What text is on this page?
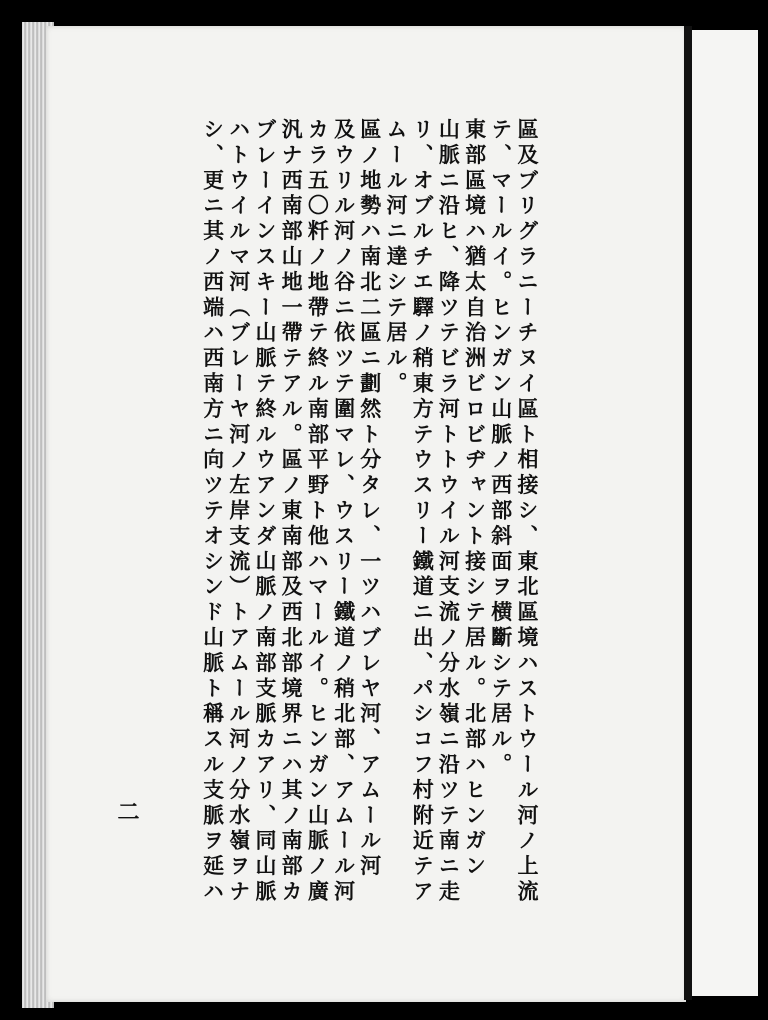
區及ブリグラニーチヌイ區ト相接シ、東北區境ハストウール河ノ上流
テ、マールイ。ヒンガン山脈ノ西部斜面ヲ横斷シテ居ル。
東部區境ハ猶太自治洲ビロビヂャント接シテ居ル。北部ハヒンガン
山脈ニ沿ヒ、降ツテビラ河トトウイル河支流ノ分水嶺ニ沿ツテ南ニ走
リ、オブルチエ驛ノ稍東方テウスリー鐵道ニ出、パシコフ村附近テア
ムール河ニ達シテ居ル。
區ノ地勢ハ南北二區ニ劃然ト分タレ、一ツハブレヤ河、アムール河
及ウリル河ノ谷ニ依ツテ圍マレ、ウスリー鐵道ノ稍北部、アムール河
カラ五〇粁ノ地帶テ終ル南部平野ト他ハマールイ。ヒンガン山脈ノ廣
汎ナ西南部山地一帶テアル。區ノ東南部及西北部境界ニハ其ノ南部カ
ブレーインスキー山脈テ終ルウアンダ山脈ノ南部支脈カアリ、同山脈
ハトウイルマ河（ブレーヤ河ノ左岸支流）トアムール河ノ分水嶺ヲナ
シ、更ニ其ノ西端ハ西南方ニ向ツテオシンド山脈ト稱スル支脈ヲ延ハ
二
